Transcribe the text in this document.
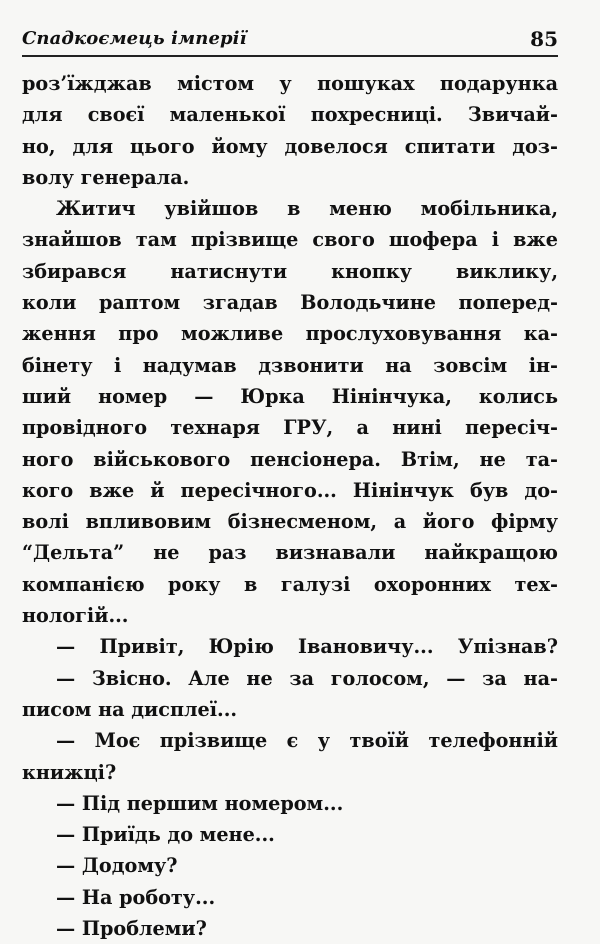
Спадкоємець імперії	85
роз’їжджав містом у пошуках подарунка
для своєї маленької похресниці. Звичай-
но, для цього йому довелося спитати доз-
волу генерала.
Житич увійшов в меню мобільника,
знайшов там прізвище свого шофера і вже
збирався натиснути кнопку виклику,
коли раптом згадав Володьчине поперед-
ження про можливе прослуховування ка-
бінету і надумав дзвонити на зовсім ін-
ший номер — Юрка Нінінчука, колись
провідного технаря ГРУ, а нині пересіч-
ного військового пенсіонера. Втім, не та-
кого вже й пересічного... Нінінчук був до-
волі впливовим бізнесменом, а його фірму
“Дельта” не раз визнавали найкращою
компанією року в галузі охоронних тех-
нологій...
— Привіт, Юрію Івановичу... Упізнав?
— Звісно. Але не за голосом, — за на-
писом на дисплеї...
— Моє прізвище є у твоїй телефонній
книжці?
— Під першим номером...
— Приїдь до мене...
— Додому?
— На роботу...
— Проблеми?
